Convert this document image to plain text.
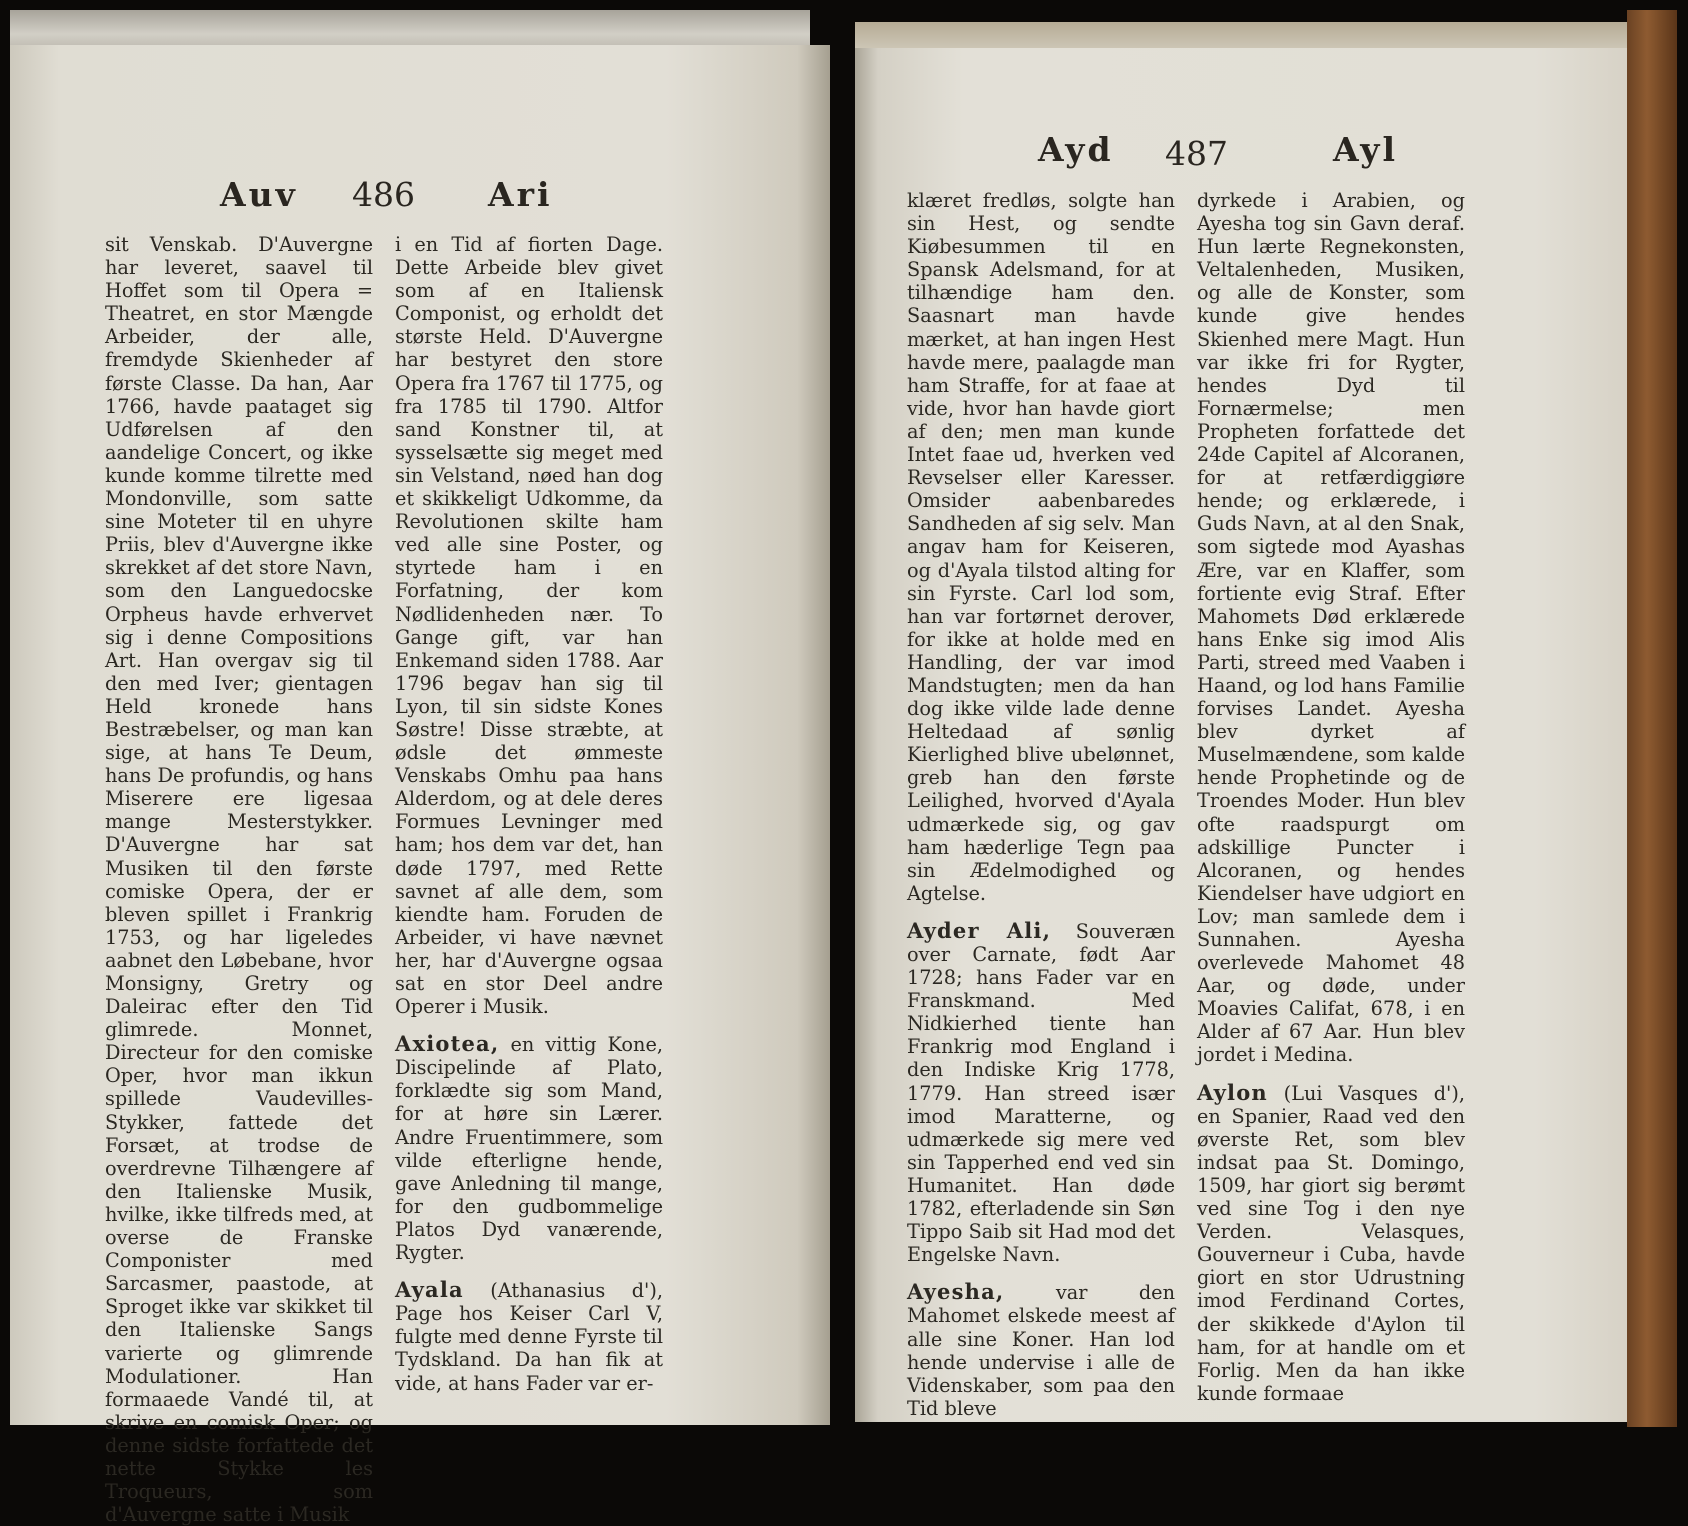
Auv 486 Ari

sit Venskab. D'Auvergne har leveret, saavel til Hoffet som til Opera = Theatret, en stor Mængde Arbeider, der alle, fremdyde Skienheder af første Classe. Da han, Aar 1766, havde paataget sig Udførelsen af den aandelige Concert, og ikke kunde komme tilrette med Mondonville, som satte sine Moteter til en uhyre Priis, blev d'Auvergne ikke skrekket af det store Navn, som den Languedocske Orpheus havde erhvervet sig i denne Compositions Art. Han overgav sig til den med Iver; gientagen Held kronede hans Bestræbelser, og man kan sige, at hans Te Deum, hans De profundis, og hans Miserere ere ligesaa mange Mesterstykker. D'Auvergne har sat Musiken til den første comiske Opera, der er bleven spillet i Frankrig 1753, og har ligeledes aabnet den Løbebane, hvor Monsigny, Gretry og Daleirac efter den Tid glimrede. Monnet, Directeur for den comiske Oper, hvor man ikkun spillede Vaudevilles-Stykker, fattede det Forsæt, at trodse de overdrevne Tilhængere af den Italienske Musik, hvilke, ikke tilfreds med, at overse de Franske Componister med Sarcasmer, paastode, at Sproget ikke var skikket til den Italienske Sangs varierte og glimrende Modulationer. Han formaaede Vandé til, at skrive en comisk Oper; og denne sidste forfattede det nette Stykke les Troqueurs, som d'Auvergne satte i Musik

i en Tid af fiorten Dage. Dette Arbeide blev givet som af en Italiensk Componist, og erholdt det største Held. D'Auvergne har bestyret den store Opera fra 1767 til 1775, og fra 1785 til 1790. Altfor sand Konstner til, at sysselsætte sig meget med sin Velstand, nøed han dog et skikkeligt Udkomme, da Revolutionen skilte ham ved alle sine Poster, og styrtede ham i en Forfatning, der kom Nødlidenheden nær. To Gange gift, var han Enkemand siden 1788. Aar 1796 begav han sig til Lyon, til sin sidste Kones Søstre! Disse stræbte, at ødsle det ømmeste Venskabs Omhu paa hans Alderdom, og at dele deres Formues Levninger med ham; hos dem var det, han døde 1797, med Rette savnet af alle dem, som kiendte ham. Foruden de Arbeider, vi have nævnet her, har d'Auvergne ogsaa sat en stor Deel andre Operer i Musik.

Axiotea, en vittig Kone, Discipelinde af Plato, forklædte sig som Mand, for at høre sin Lærer. Andre Fruentimmere, som vilde efterligne hende, gave Anledning til mange, for den gudbommelige Platos Dyd vanærende, Rygter.

Ayala (Athanasius d'), Page hos Keiser Carl V, fulgte med denne Fyrste til Tydskland. Da han fik at vide, at hans Fader var er-

Ayd 487	Ayl

klæret fredløs, solgte han sin Hest, og sendte Kiøbesummen til en Spansk Adelsmand, for at tilhændige ham den. Saasnart man havde mærket, at han ingen Hest havde mere, paalagde man ham Straffe, for at faae at vide, hvor han havde giort af den; men man kunde Intet faae ud, hverken ved Revselser eller Karesser. Omsider aabenbaredes Sandheden af sig selv. Man angav ham for Keiseren, og d'Ayala tilstod alting for sin Fyrste. Carl lod som, han var fortørnet derover, for ikke at holde med en Handling, der var imod Mandstugten; men da han dog ikke vilde lade denne Heltedaad af sønlig Kierlighed blive ubelønnet, greb han den første Leilighed, hvorved d'Ayala udmærkede sig, og gav ham hæderlige Tegn paa sin Ædelmodighed og Agtelse.

Ayder Ali, Souveræn over Carnate, født Aar 1728; hans Fader var en Franskmand. Med Nidkierhed tiente han Frankrig mod England i den Indiske Krig 1778, 1779. Han streed især imod Maratterne, og udmærkede sig mere ved sin Tapperhed end ved sin Humanitet. Han døde 1782, efterladende sin Søn Tippo Saib sit Had mod det Engelske Navn.

Ayesha, var den Mahomet elskede meest af alle sine Koner. Han lod hende undervise i alle de Videnskaber, som paa den Tid bleve

dyrkede i Arabien, og Ayesha tog sin Gavn deraf. Hun lærte Regnekonsten, Veltalenheden, Musiken, og alle de Konster, som kunde give hendes Skienhed mere Magt. Hun var ikke fri for Rygter, hendes Dyd til Fornærmelse; men Propheten forfattede det 24de Capitel af Alcoranen, for at retfærdiggiøre hende; og erklærede, i Guds Navn, at al den Snak, som sigtede mod Ayashas Ære, var en Klaffer, som fortiente evig Straf. Efter Mahomets Død erklærede hans Enke sig imod Alis Parti, streed med Vaaben i Haand, og lod hans Familie forvises Landet. Ayesha blev dyrket af Muselmændene, som kalde hende Prophetinde og de Troendes Moder. Hun blev ofte raadspurgt om adskillige Puncter i Alcoranen, og hendes Kiendelser have udgiort en Lov; man samlede dem i Sunnahen. Ayesha overlevede Mahomet 48 Aar, og døde, under Moavies Califat, 678, i en Alder af 67 Aar. Hun blev jordet i Medina.

Aylon (Lui Vasques d'), en Spanier, Raad ved den øverste Ret, som blev indsat paa St. Domingo, 1509, har giort sig berømt ved sine Tog i den nye Verden. Velasques, Gouverneur i Cuba, havde giort en stor Udrustning imod Ferdinand Cortes, der skikkede d'Aylon til ham, for at handle om et Forlig. Men da han ikke kunde formaae
